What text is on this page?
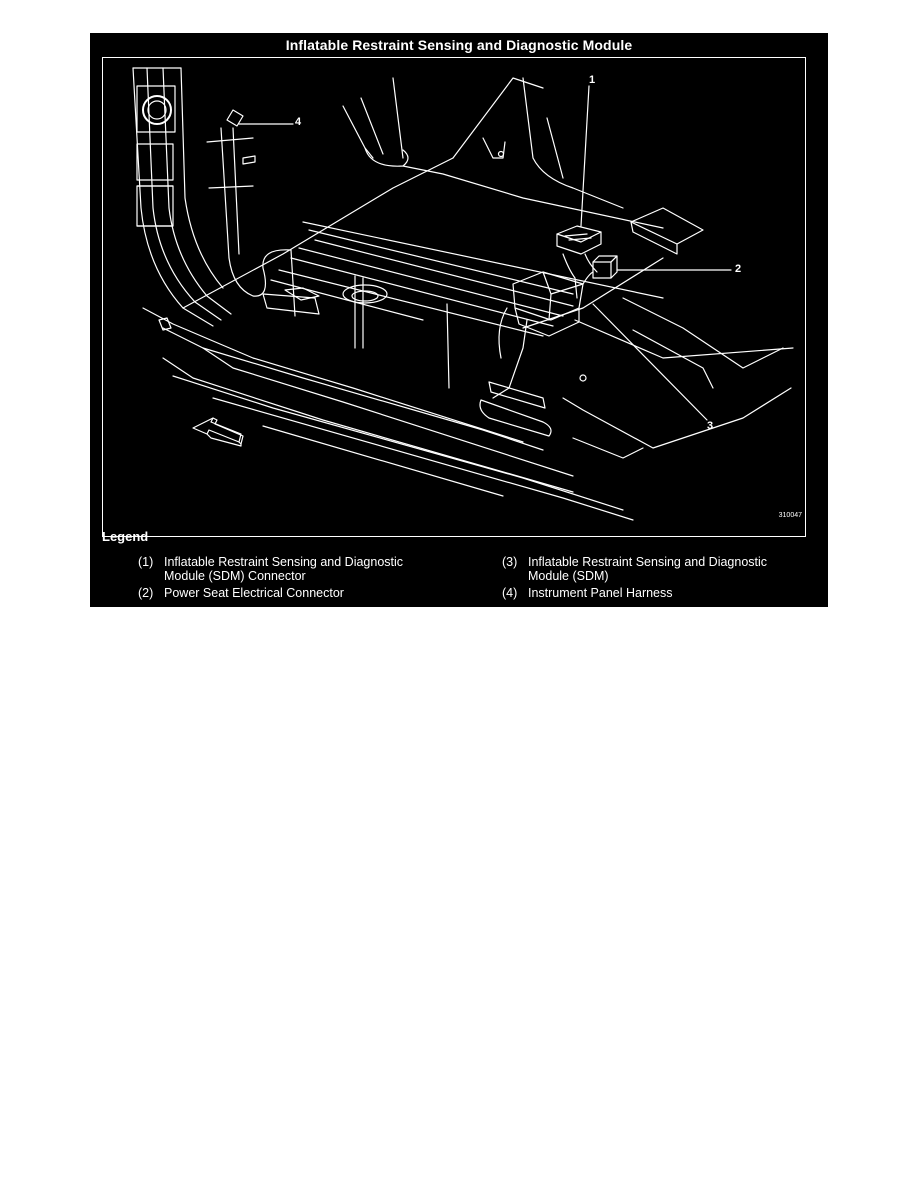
Inflatable Restraint Sensing and Diagnostic Module
1
2
3
4
310047
Legend
(1) Inflatable Restraint Sensing and Diagnostic Module (SDM) Connector
(2) Power Seat Electrical Connector
(3) Inflatable Restraint Sensing and Diagnostic Module (SDM)
(4) Instrument Panel Harness
